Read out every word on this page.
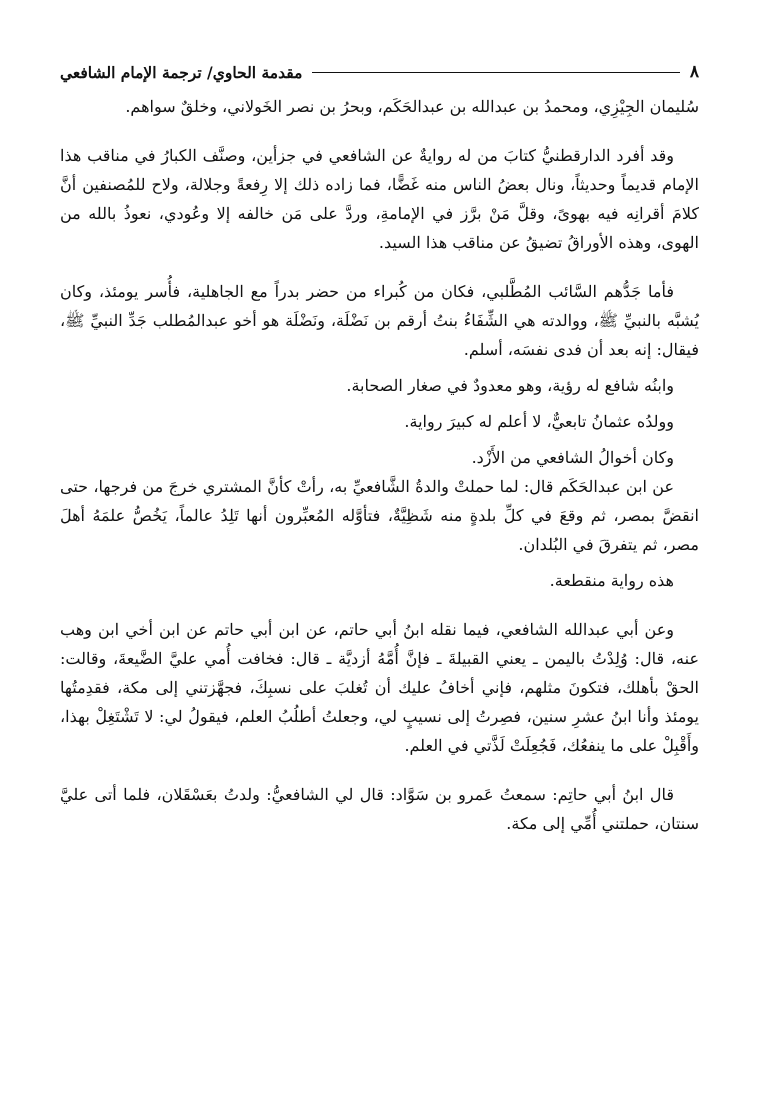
٨
مقدمة الحاوي/ ترجمة الإمام الشافعي

سُليمان الجِيْزِي، ومحمدُ بن عبدالله بن عبدالحَكَم، وبحرُ بن نصر الخَولاني، وخلقٌ سواهم.

وقد أفرد الدارقطنيُّ كتابَ من له روايةٌ عن الشافعي في جزأين، وصنَّف الكبارُ في مناقب هذا الإمام قديماً وحديثاً، ونال بعضُ الناس منه غَضًّا، فما زاده ذلك إلا رِفعةً وجلالة، ولاح للمُصنفين أنَّ كلامَ أقرانِه فيه بهوىً، وقلَّ مَنْ برَّز في الإمامةِ، وردَّ على مَن خالفه إلا وعُودي، نعوذُ بالله من الهوى، وهذه الأوراقُ تضيقُ عن مناقب هذا السيد.

فأما جَدُّهم السَّائب المُطَّلبي، فكان من كُبراء من حضر بدراً مع الجاهلية، فأُسر يومئذ، وكان يُشبَّه بالنبيِّ ﷺ، ووالدته هي الشِّفَاءُ بنتُ أرقم بن نَضْلَة، ونَضْلَة هو أخو عبدالمُطلب جَدِّ النبيِّ ﷺ، فيقال: إنه بعد أن فدى نفسَه، أسلم.

وابنُه شافع له رؤية، وهو معدودٌ في صغار الصحابة.

وولدُه عثمانُ تابعيٌّ، لا أعلم له كبيرَ رواية.

وكان أخوالُ الشافعي من الأَزْد.

عن ابن عبدالحَكَم قال: لما حملتْ والدةُ الشَّافعيِّ به، رأتْ كأنَّ المشتري خرجَ من فرجها، حتى انقضَّ بمصر، ثم وقعَ في كلِّ بلدةٍ منه شَظِيَّةٌ، فتأوَّله المُعبِّرون أنها تَلِدُ عالماً، يَخُصُّ علمَهُ أهلَ مصر، ثم يتفرقَ في البُلدان.

هذه رواية منقطعة.

وعن أبي عبدالله الشافعي، فيما نقله ابنُ أبي حاتم، عن ابن أبي حاتم عن ابن أخي ابن وهب عنه، قال: وُلِدْتُ باليمن ـ يعني القبيلةَ ـ فإنَّ أُمَّهُ أزديَّة ـ قال: فخافت أُمي عليَّ الضَّيعةَ، وقالت: الحقْ بأهلك، فتكونَ مثلهم، فإني أخافُ عليك أن تُغلبَ على نسبِكَ، فجهَّزتني إلى مكة، فقدِمتُها يومئذ وأنا ابنُ عشرِ سنين، فصِرتُ إلى نسيبٍ لي، وجعلتُ أطلُبُ العلم، فيقولُ لي: لا تَشْتَغِلْ بهذا، وأَقْبِلْ على ما ينفعُك، فَجُعِلَتْ لَذَّتي في العلم.

قال ابنُ أبي حاتِم: سمعتُ عَمرو بن سَوَّاد: قال لي الشافعيُّ: ولدتُ بعَسْقَلان، فلما أتى عليَّ سنتان، حملتني أُمِّي إلى مكة.
